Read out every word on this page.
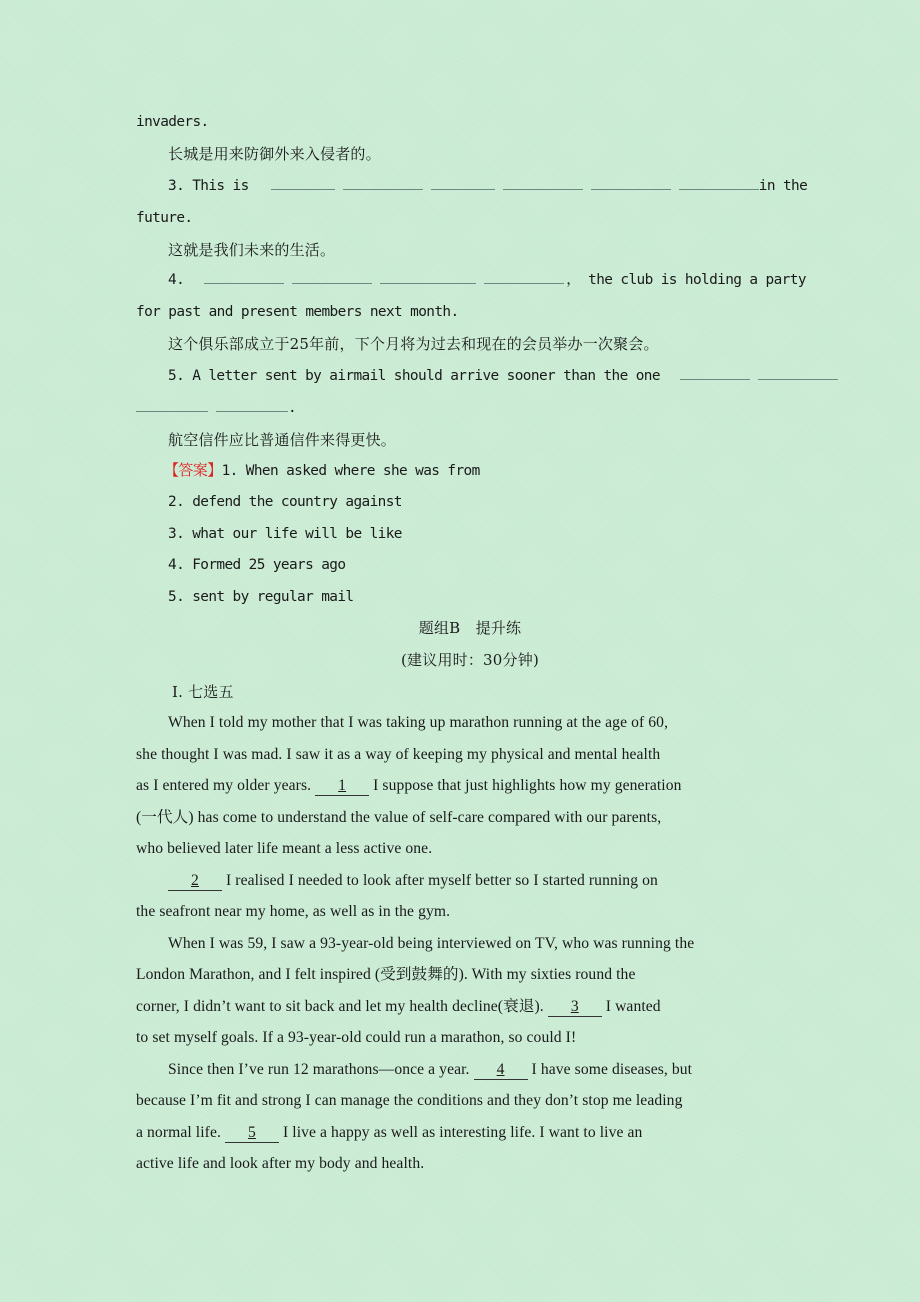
invaders.
长城是用来防御外来入侵者的。
3. This is	in the
future.
这就是我们未来的生活。
4.	， the club is holding a party
for past and present members next month.
这个俱乐部成立于25年前，下个月将为过去和现在的会员举办一次聚会。
5. A letter sent by airmail should arrive sooner than the one
.
航空信件应比普通信件来得更快。
【答案】1. When asked where she was from
2. defend the country against
3. what our life will be like
4. Formed 25 years ago
5. sent by regular mail
题组B　提升练
(建议用时：30分钟)
Ⅰ. 七选五
When I told my mother that I was taking up marathon running at the age of 60,
she thought I was mad. I saw it as a way of keeping my physical and mental health
as I entered my older years. 1 I suppose that just highlights how my generation
(一代人) has come to understand the value of self-care compared with our parents,
who believed later life meant a less active one.
2 I realised I needed to look after myself better so I started running on
the seafront near my home, as well as in the gym.
When I was 59, I saw a 93-year-old being interviewed on TV, who was running the
London Marathon, and I felt inspired (受到鼓舞的). With my sixties round the
corner, I didn’t want to sit back and let my health decline(衰退). 3 I wanted
to set myself goals. If a 93-year-old could run a marathon, so could I!
Since then I’ve run 12 marathons—once a year. 4 I have some diseases, but
because I’m fit and strong I can manage the conditions and they don’t stop me leading
a normal life. 5 I live a happy as well as interesting life. I want to live an
active life and look after my body and health.
